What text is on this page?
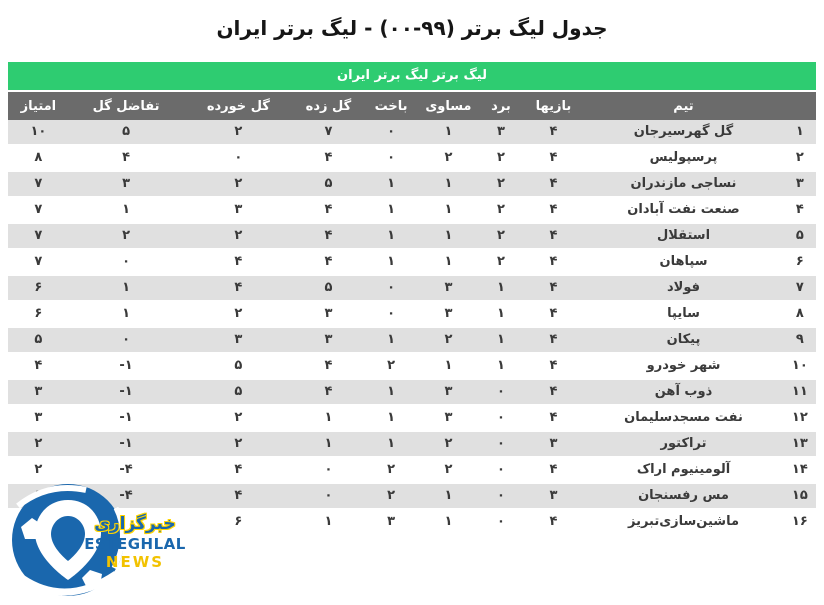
جدول لیگ برتر (۹۹-۰۰) - لیگ برتر ایران
لیگ برتر لیگ برتر ایران
تیم
بازیها
برد
مساوی
باخت
گل زده
گل خورده
تفاضل گل
امتیاز
۱
گل گهرسیرجان
۴
۳
۱
۰
۷
۲
۵
۱۰
۲
پرسپولیس
۴
۲
۲
۰
۴
۰
۴
۸
۳
نساجی مازندران
۴
۲
۱
۱
۵
۲
۳
۷
۴
صنعت نفت آبادان
۴
۲
۱
۱
۴
۳
۱
۷
۵
استقلال
۴
۲
۱
۱
۴
۲
۲
۷
۶
سپاهان
۴
۲
۱
۱
۴
۴
۰
۷
۷
فولاد
۴
۱
۳
۰
۵
۴
۱
۶
۸
سایپا
۴
۱
۳
۰
۳
۲
۱
۶
۹
پیکان
۴
۱
۲
۱
۳
۳
۰
۵
۱۰
شهر خودرو
۴
۱
۱
۲
۴
۵
-۱
۴
۱۱
ذوب آهن
۴
۰
۳
۱
۴
۵
-۱
۳
۱۲
نفت مسجدسلیمان
۴
۰
۳
۱
۱
۲
-۱
۳
۱۳
تراکتور
۳
۰
۲
۱
۱
۲
-۱
۲
۱۴
آلومینیوم اراک
۴
۰
۲
۲
۰
۴
-۴
۲
۱۵
مس رفسنجان
۳
۰
۱
۲
۰
۴
-۴
۱۶
ماشین‌سازی‌تبریز
۴
۰
۱
۳
۱
۶
خبرگزاری
ESTEGHLAL
NEWS
